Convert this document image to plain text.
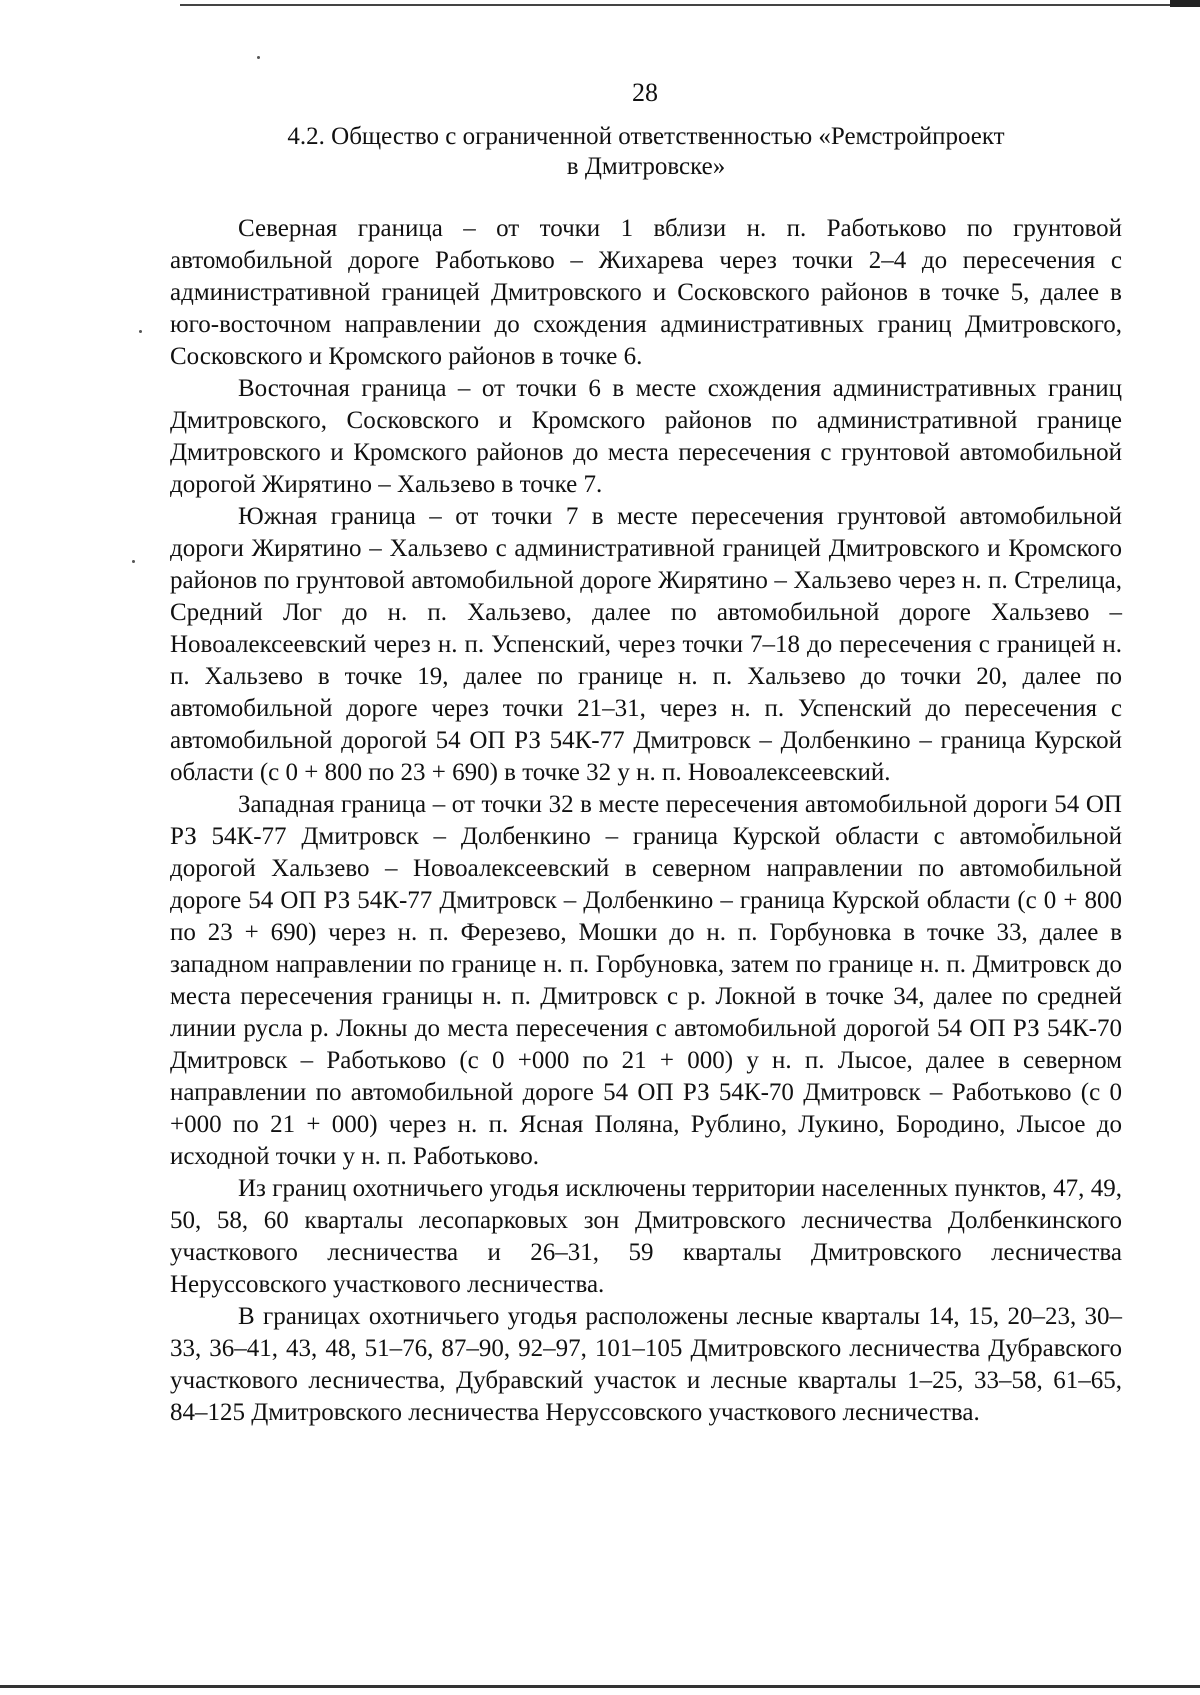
28
4.2. Общество с ограниченной ответственностью «Ремстройпроект
в Дмитровске»

Северная граница – от точки 1 вблизи н. п. Работьково по грунтовой автомобильной дороге Работьково – Жихарева через точки 2–4 до пересечения с административной границей Дмитровского и Сосковского районов в точке 5, далее в юго-восточном направлении до схождения административных границ Дмитровского, Сосковского и Кромского районов в точке 6.

Восточная граница – от точки 6 в месте схождения административных границ Дмитровского, Сосковского и Кромского районов по административной границе Дмитровского и Кромского районов до места пересечения с грунтовой автомобильной дорогой Жирятино – Хальзево в точке 7.

Южная граница – от точки 7 в месте пересечения грунтовой автомобильной дороги Жирятино – Хальзево с административной границей Дмитровского и Кромского районов по грунтовой автомобильной дороге Жирятино – Хальзево через н. п. Стрелица, Средний Лог до н. п. Хальзево, далее по автомобильной дороге Хальзево – Новоалексеевский через н. п. Успенский, через точки 7–18 до пересечения с границей н. п. Хальзево в точке 19, далее по границе н. п. Хальзево до точки 20, далее по автомобильной дороге через точки 21–31, через н. п. Успенский до пересечения с автомобильной дорогой 54 ОП РЗ 54К-77 Дмитровск – Долбенкино – граница Курской области (с 0 + 800 по 23 + 690) в точке 32 у н. п. Новоалексеевский.

Западная граница – от точки 32 в месте пересечения автомобильной дороги 54 ОП РЗ 54К-77 Дмитровск – Долбенкино – граница Курской области с автомобильной дорогой Хальзево – Новоалексеевский в северном направлении по автомобильной дороге 54 ОП РЗ 54К-77 Дмитровск – Долбенкино – граница Курской области (с 0 + 800 по 23 + 690) через н. п. Ферезево, Мошки до н. п. Горбуновка в точке 33, далее в западном направлении по границе н. п. Горбуновка, затем по границе н. п. Дмитровск до места пересечения границы н. п. Дмитровск с р. Локной в точке 34, далее по средней линии русла р. Локны до места пересечения с автомобильной дорогой 54 ОП РЗ 54К-70 Дмитровск – Работьково (с 0 +000 по 21 + 000) у н. п. Лысое, далее в северном направлении по автомобильной дороге 54 ОП РЗ 54К-70 Дмитровск – Работьково (с 0 +000 по 21 + 000) через н. п. Ясная Поляна, Рублино, Лукино, Бородино, Лысое до исходной точки у н. п. Работьково.

Из границ охотничьего угодья исключены территории населенных пунктов, 47, 49, 50, 58, 60 кварталы лесопарковых зон Дмитровского лесничества Долбенкинского участкового лесничества и 26–31, 59 кварталы Дмитровского лесничества Неруссовского участкового лесничества.

В границах охотничьего угодья расположены лесные кварталы 14, 15, 20–23, 30–33, 36–41, 43, 48, 51–76, 87–90, 92–97, 101–105 Дмитровского лесничества Дубравского участкового лесничества, Дубравский участок и лесные кварталы 1–25, 33–58, 61–65, 84–125 Дмитровского лесничества Неруссовского участкового лесничества.
